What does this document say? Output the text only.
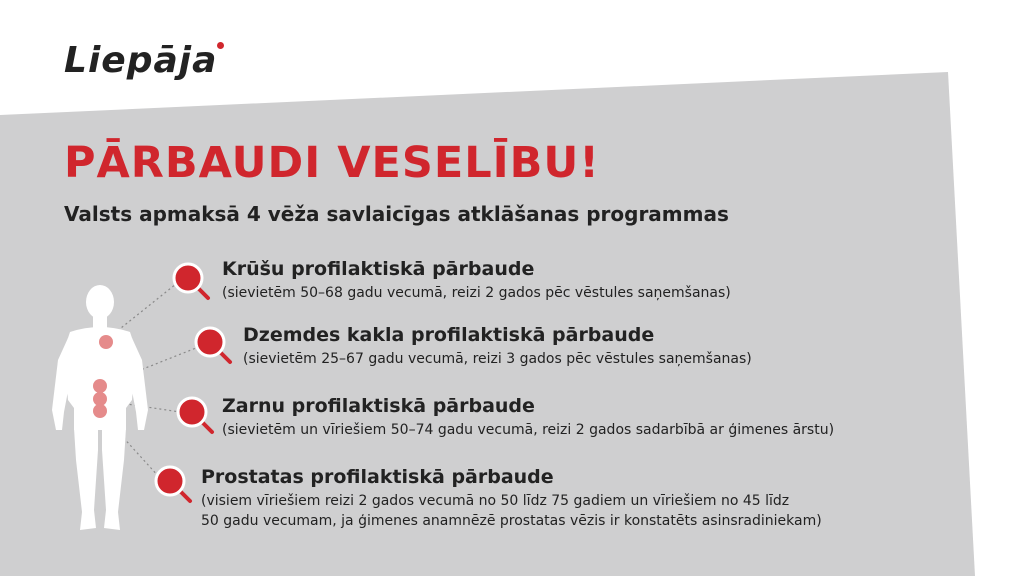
Liepāja
PĀRBAUDI VESELĪBU!
Valsts apmaksā 4 vēža savlaicīgas atklāšanas programmas
Krūšu profilaktiskā pārbaude
(sievietēm 50–68 gadu vecumā, reizi 2 gados pēc vēstules saņemšanas)
Dzemdes kakla profilaktiskā pārbaude
(sievietēm 25–67 gadu vecumā, reizi 3 gados pēc vēstules saņemšanas)
Zarnu profilaktiskā pārbaude
(sievietēm un vīriešiem 50–74 gadu vecumā, reizi 2 gados sadarbībā ar ģimenes ārstu)
Prostatas profilaktiskā pārbaude
(visiem vīriešiem reizi 2 gados vecumā no 50 līdz 75 gadiem un vīriešiem no 45 līdz
50 gadu vecumam, ja ģimenes anamnēzē prostatas vēzis ir konstatēts asinsradiniekam)
